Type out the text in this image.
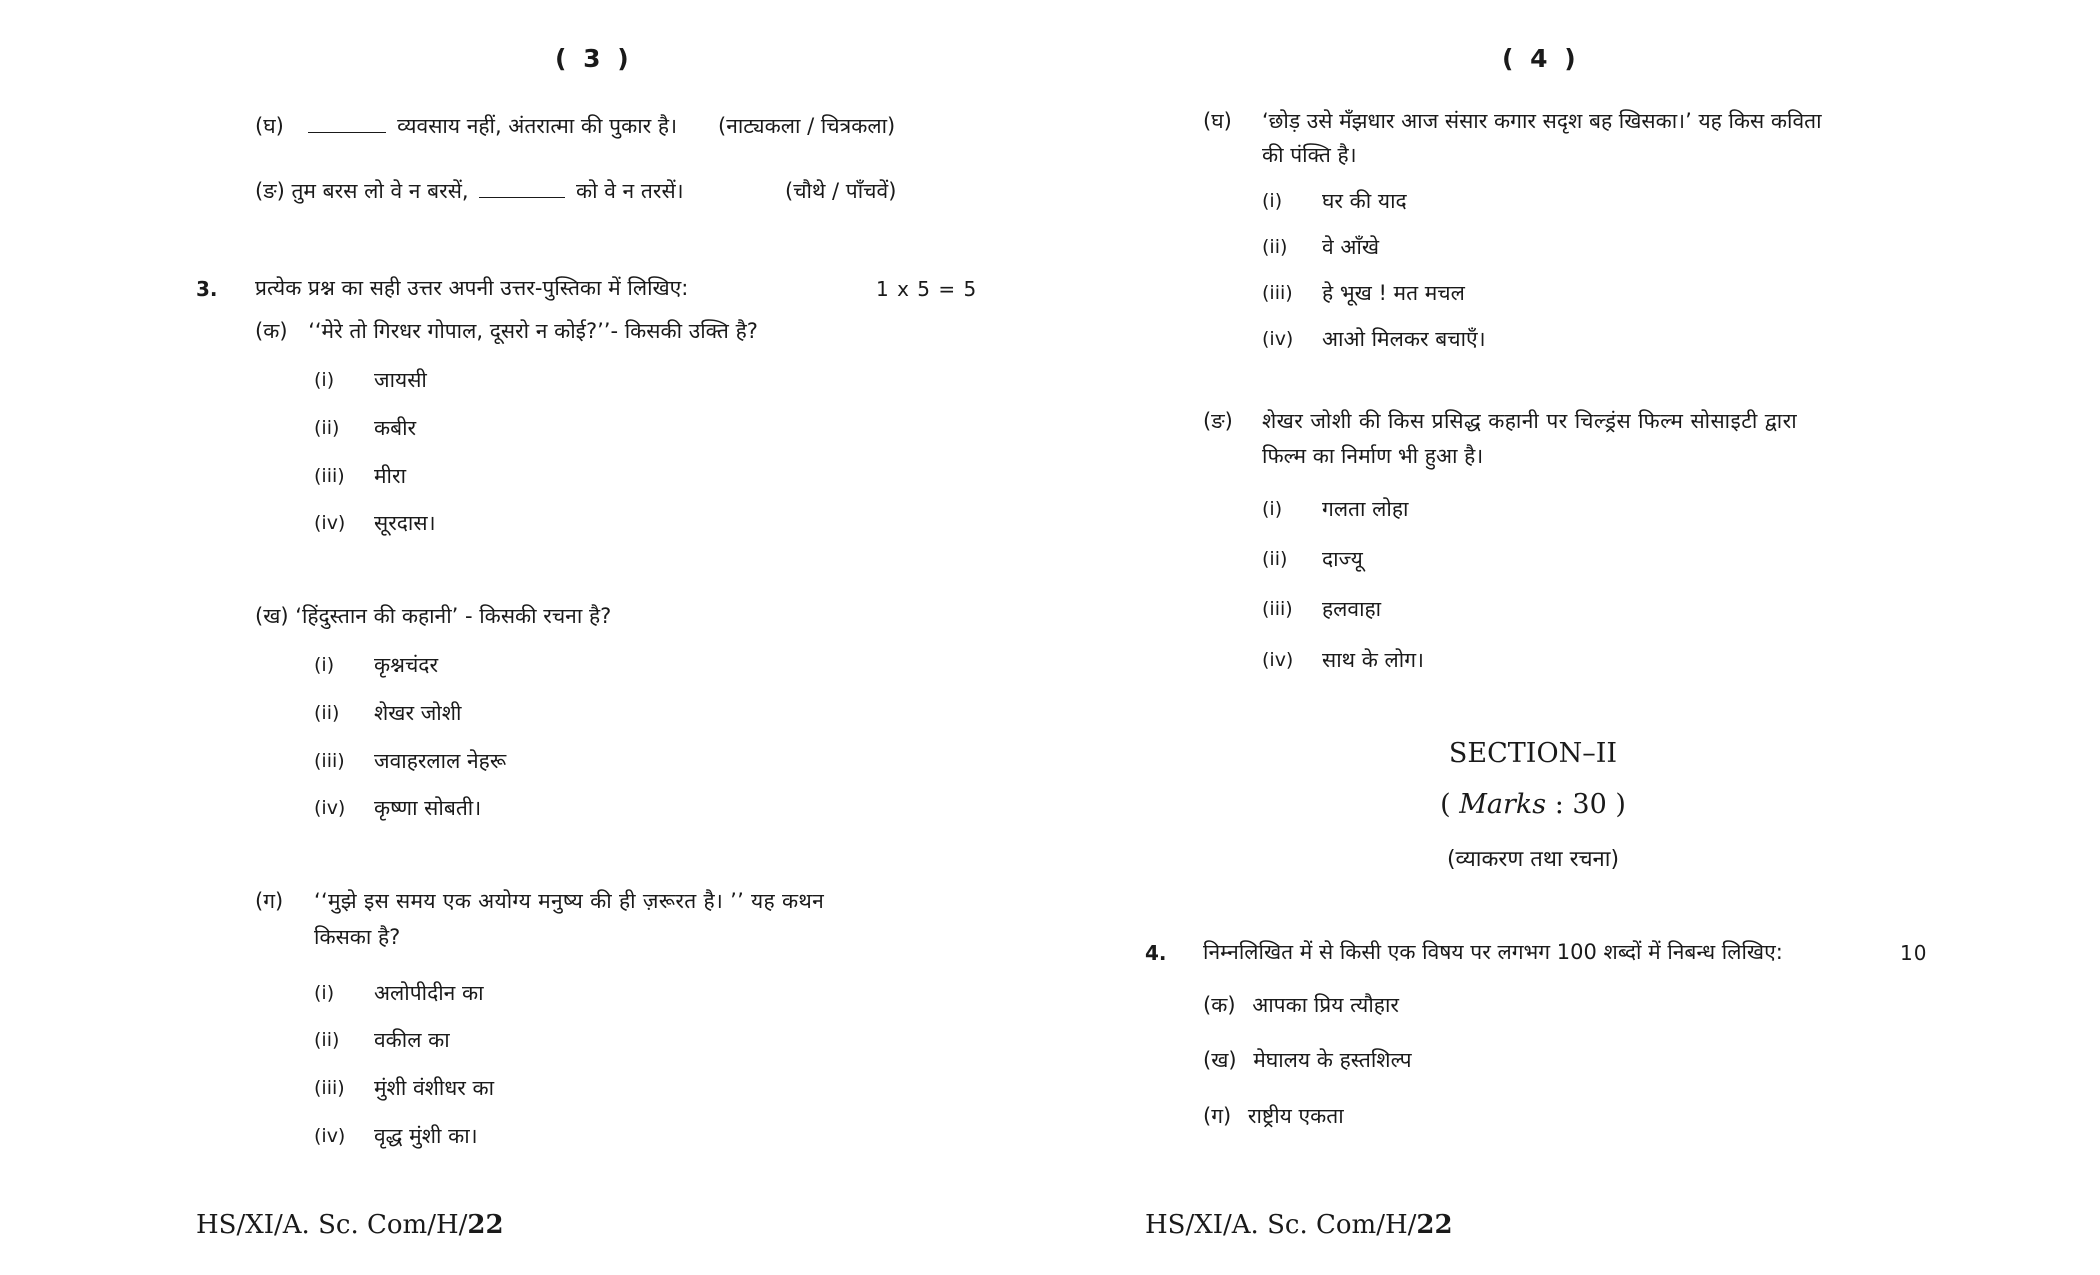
( 3 )
(घ)	व्यवसाय नहीं, अंतरात्मा की पुकार है। (नाट्यकला / चित्रकला)
(ङ) तुम बरस लो वे न बरसें,	को वे न तरसें।	(चौथे / पाँचवें)
3. प्रत्येक प्रश्न का सही उत्तर अपनी उत्तर-पुस्तिका में लिखिए:	1 x 5 = 5
(क) ‘‘मेरे तो गिरधर गोपाल, दूसरो न कोई?’’- किसकी उक्ति है?
(i) जायसी
(ii) कबीर
(iii) मीरा
(iv) सूरदास।
(ख) ‘हिंदुस्तान की कहानी’ - किसकी रचना है?
(i) कृश्नचंदर
(ii) शेखर जोशी
(iii) जवाहरलाल नेहरू
(iv) कृष्णा सोबती।
(ग) ‘‘मुझे इस समय एक अयोग्य मनुष्य की ही ज़रूरत है। ’’ यह कथन
किसका है?
(i) अलोपीदीन का
(ii) वकील का
(iii) मुंशी वंशीधर का
(iv) वृद्ध मुंशी का।
HS/XI/A. Sc. Com/H/22
( 4 )
(घ) ‘छोड़ उसे मँझधार आज संसार कगार सदृश बह खिसका।’ यह किस कविता
की पंक्ति है।
(i) घर की याद
(ii) वे आँखे
(iii) हे भूख ! मत मचल
(iv) आओ मिलकर बचाएँ।
(ङ) शेखर जोशी की किस प्रसिद्ध कहानी पर चिल्ड्रंस फिल्म सोसाइटी द्वारा
फिल्म का निर्माण भी हुआ है।
(i) गलता लोहा
(ii) दाज्यू
(iii) हलवाहा
(iv) साथ के लोग।
SECTION–II
( Marks : 30 )
(व्याकरण तथा रचना)
4. निम्नलिखित में से किसी एक विषय पर लगभग 100 शब्दों में निबन्ध लिखिए:	10
(क) आपका प्रिय त्यौहार
(ख) मेघालय के हस्तशिल्प
(ग) राष्ट्रीय एकता
HS/XI/A. Sc. Com/H/22
